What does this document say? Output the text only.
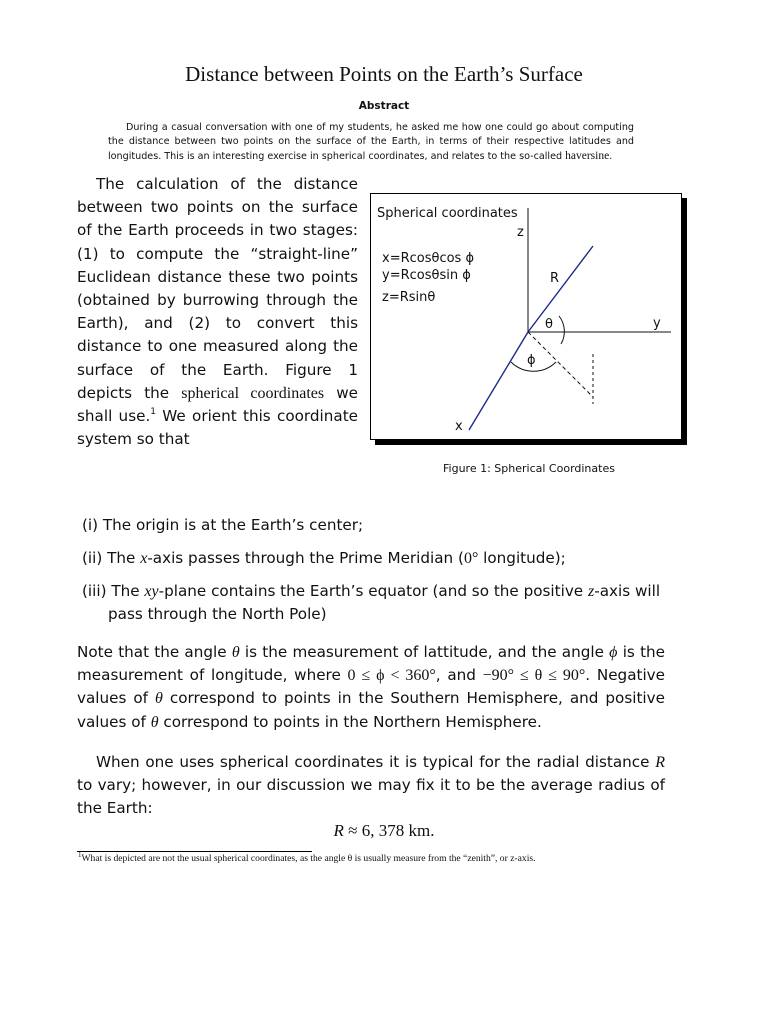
Distance between Points on the Earth’s Surface
Abstract
During a casual conversation with one of my students, he asked me how one could go about computing the distance between two points on the surface of the Earth, in terms of their respective latitudes and longitudes. This is an interesting exercise in spherical coordinates, and relates to the so-called haversine.

The calculation of the distance between two points on the surface of the Earth proceeds in two stages: (1) to compute the “straight-line” Euclidean distance these two points (obtained by burrowing through the Earth), and (2) to convert this distance to one measured along the surface of the Earth. Figure 1 depicts the spherical coordinates we shall use.$^1$ We orient this coordinate system so that

Spherical coordinates
x=Rcosθcos ϕ
y=Rcosθsin ϕ
z=Rsinθ
z
y
x
R
θ
ϕ
Figure 1: Spherical Coordinates

(i) The origin is at the Earth’s center;

(ii) The x-axis passes through the Prime Meridian (0° longitude);

(iii) The xy-plane contains the Earth’s equator (and so the positive z-axis will pass through the North Pole)

Note that the angle θ is the measurement of lattitude, and the angle ϕ is the measurement of longitude, where 0 ≤ ϕ < 360°, and −90° ≤ θ ≤ 90°. Negative values of θ correspond to points in the Southern Hemisphere, and positive values of θ correspond to points in the Northern Hemisphere.

When one uses spherical coordinates it is typical for the radial distance R to vary; however, in our discussion we may fix it to be the average radius of the Earth:

R ≈ 6, 378 km.
$^1$What is depicted are not the usual spherical coordinates, as the angle θ is usually measure from the “zenith”, or z-axis.
